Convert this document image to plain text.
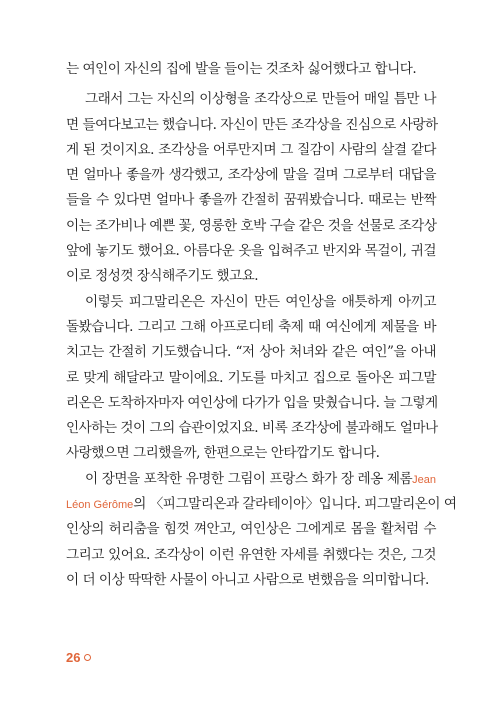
는 여인이 자신의 집에 발을 들이는 것조차 싫어했다고 합니다.
그래서 그는 자신의 이상형을 조각상으로 만들어 매일 틈만 나
면 들여다보고는 했습니다. 자신이 만든 조각상을 진심으로 사랑하
게 된 것이지요. 조각상을 어루만지며 그 질감이 사람의 살결 같다
면 얼마나 좋을까 생각했고, 조각상에 말을 걸며 그로부터 대답을
들을 수 있다면 얼마나 좋을까 간절히 꿈꿔봤습니다. 때로는 반짝
이는 조가비나 예쁜 꽃, 영롱한 호박 구슬 같은 것을 선물로 조각상
앞에 놓기도 했어요. 아름다운 옷을 입혀주고 반지와 목걸이, 귀걸
이로 정성껏 장식해주기도 했고요.
이렇듯 피그말리온은 자신이 만든 여인상을 애틋하게 아끼고
돌봤습니다. 그리고 그해 아프로디테 축제 때 여신에게 제물을 바
치고는 간절히 기도했습니다. “저 상아 처녀와 같은 여인”을 아내
로 맞게 해달라고 말이에요. 기도를 마치고 집으로 돌아온 피그말
리온은 도착하자마자 여인상에 다가가 입을 맞췄습니다. 늘 그렇게
인사하는 것이 그의 습관이었지요. 비록 조각상에 불과해도 얼마나
사랑했으면 그리했을까, 한편으로는 안타깝기도 합니다.
이 장면을 포착한 유명한 그림이 프랑스 화가 장 레옹 제롬Jean
Léon Gérôme의 〈피그말리온과 갈라테이아〉입니다. 피그말리온이 여
인상의 허리춤을 힘껏 껴안고, 여인상은 그에게로 몸을 활처럼 수
그리고 있어요. 조각상이 이런 유연한 자세를 취했다는 것은, 그것
이 더 이상 딱딱한 사물이 아니고 사람으로 변했음을 의미합니다.
26
